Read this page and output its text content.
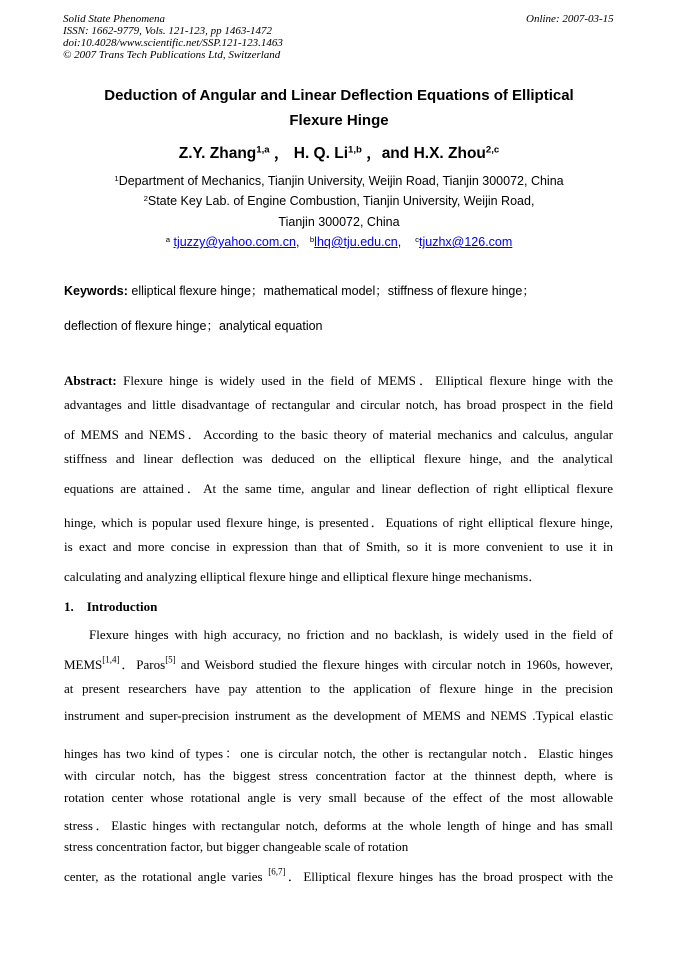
Solid State Phenomena
ISSN: 1662-9779, Vols. 121-123, pp 1463-1472
doi:10.4028/www.scientific.net/SSP.121-123.1463
© 2007 Trans Tech Publications Ltd, Switzerland
Online: 2007-03-15
Deduction of Angular and Linear Deflection Equations of Elliptical
Flexure Hinge
Z.Y. Zhang$^{1,a}$ ， H. Q. Li$^{1,b}$ ，and H.X. Zhou$^{2,c}$
$^1$Department of Mechanics, Tianjin University, Weijin Road, Tianjin 300072, China
$^2$State Key Lab. of Engine Combustion, Tianjin University, Weijin Road,
Tianjin 300072, China
$^a$ tjuzzy@yahoo.com.cn,   $^b$lhq@tju.edu.cn,    $^c$tjuzhx@126.com
Keywords: elliptical flexure hinge；mathematical model；stiffness of flexure hinge；
deflection of flexure hinge；analytical equation
Abstract: Flexure hinge is widely used in the field of MEMS．Elliptical flexure hinge with the
advantages and little disadvantage of rectangular and circular notch, has broad prospect in the field
of MEMS and NEMS．According to the basic theory of material mechanics and calculus, angular
stiffness and linear deflection was deduced on the elliptical flexure hinge, and the analytical
equations are attained．At the same time, angular and linear deflection of right elliptical flexure
hinge, which is popular used flexure hinge, is presented．Equations of right elliptical flexure hinge,
is exact and more concise in expression than that of Smith, so it is more convenient to use it in
calculating and analyzing elliptical flexure hinge and elliptical flexure hinge mechanisms．
1. Introduction
Flexure hinges with high accuracy, no friction and no backlash, is widely used in the field of
MEMS[1,4]．Paros[5] and Weisbord studied the flexure hinges with circular notch in 1960s, however,
at present researchers have pay attention to the application of flexure hinge in the precision
instrument and super-precision instrument as the development of MEMS and NEMS .Typical elastic
hinges has two kind of types：one is circular notch, the other is rectangular notch．Elastic hinges
with circular notch, has the biggest stress concentration factor at the thinnest depth, where is
rotation center whose rotational angle is very small because of the effect of the most allowable
stress．Elastic hinges with rectangular notch, deforms at the whole length of hinge and has small
stress concentration factor, but bigger changeable scale of rotation
center, as the rotational angle varies [6,7]．Elliptical flexure hinges has the broad prospect with the
